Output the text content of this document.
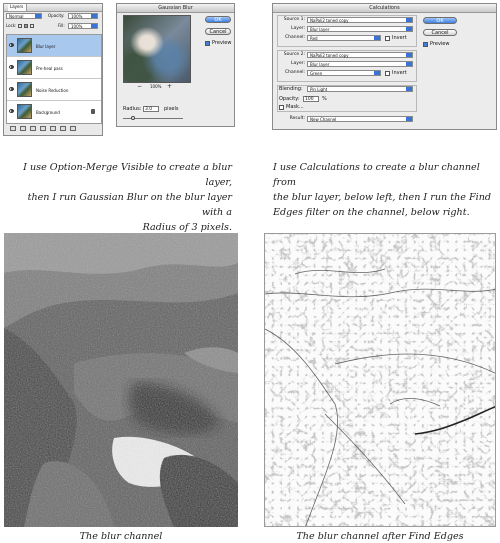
Layers
Normal	Opacity: 100%
Lock:	Fill: 100%
Blur layer
Pre-heal pass
Noise Reduction
Background
Gaussian Blur
− 100% +
OK
Cancel
Preview
Radius: 3.0	pixels
Calculations
Source 1: NaPali2 toned copy
Layer: Blur layer
Channel: Red	Invert
Source 2: NaPali2 toned copy
Layer: Blur layer
Channel: Green	Invert
Blending: Pin Light
Opacity:	100	%
Mask...
Result: New Channel
OK
Cancel
Preview
I use Option-Merge Visible to create a blur layer,
then I run Gaussian Blur on the blur layer with a
Radius of 3 pixels.
I use Calculations to create a blur channel from
the blur layer, below left, then I run the Find
Edges filter on the channel, below right.
The blur channel	The blur channel after Find Edges
